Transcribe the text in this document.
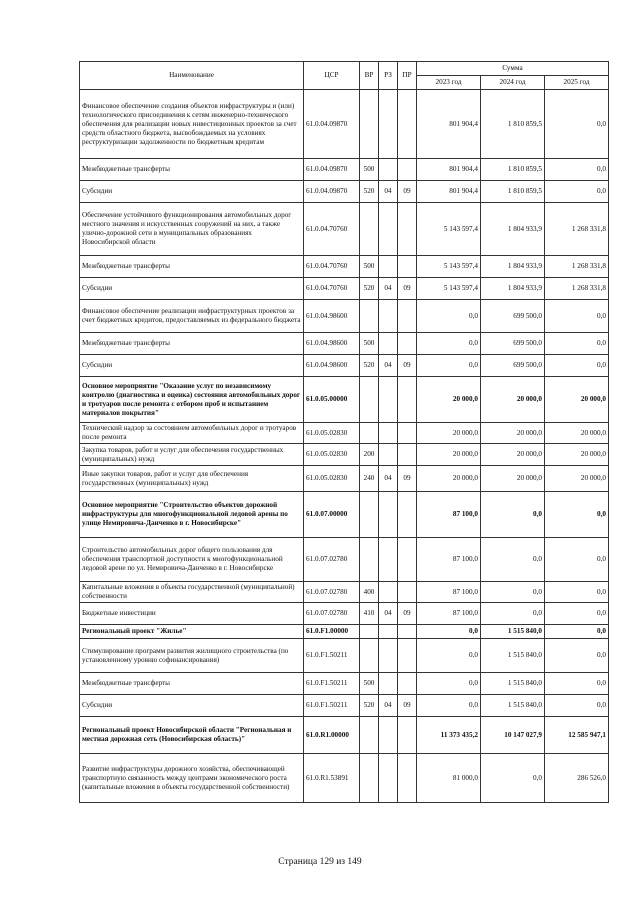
Наименование	ЦСР	ВР	РЗ	ПР	Сумма		
					2023 год	2024 год	2025 год
Финансовое обеспечение создания объектов инфраструктуры и (или) технологического присоединения к сетям инженерно-технического обеспечения для реализации новых инвестиционных проектов за счет средств областного бюджета, высвобождаемых на условиях реструктуризации задолженности по бюджетным кредитам	61.0.04.09870				801 904,4	1 810 859,5	0,0
Межбюджетные трансферты	61.0.04.09870	500			801 904,4	1 810 859,5	0,0
Субсидии	61.0.04.09870	520	04	09	801 904,4	1 810 859,5	0,0
Обеспечение устойчивого функционирования автомобильных дорог местного значения и искусственных сооружений на них, а также улично-дорожной сети в муниципальных образованиях Новосибирской области	61.0.04.70760				5 143 597,4	1 804 933,9	1 268 331,8
Межбюджетные трансферты	61.0.04.70760	500			5 143 597,4	1 804 933,9	1 268 331,8
Субсидии	61.0.04.70760	520	04	09	5 143 597,4	1 804 933,9	1 268 331,8
Финансовое обеспечение реализации инфраструктурных проектов за счет бюджетных кредитов, предоставляемых из федерального бюджета	61.0.04.98600				0,0	699 500,0	0,0
Межбюджетные трансферты	61.0.04.98600	500			0,0	699 500,0	0,0
Субсидии	61.0.04.98600	520	04	09	0,0	699 500,0	0,0
Основное мероприятие "Оказание услуг по независимому контролю (диагностика и оценка) состояния автомобильных дорог и тротуаров после ремонта с отбором проб и испытанием материалов покрытия"	61.0.05.00000				20 000,0	20 000,0	20 000,0
Технический надзор за состоянием автомобильных дорог и тротуаров после ремонта	61.0.05.02830				20 000,0	20 000,0	20 000,0
Закупка товаров, работ и услуг для обеспечения государственных (муниципальных) нужд	61.0.05.02830	200			20 000,0	20 000,0	20 000,0
Иные закупки товаров, работ и услуг для обеспечения государственных (муниципальных) нужд	61.0.05.02830	240	04	09	20 000,0	20 000,0	20 000,0
Основное мероприятие "Строительство объектов дорожной инфраструктуры для многофункциональной ледовой арены по улице Немировича-Данченко в г. Новосибирске"	61.0.07.00000				87 100,0	0,0	0,0
Строительство автомобильных дорог общего пользования для обеспечения транспортной доступности к многофункциональной ледовой арене по ул. Немировича-Данченко в г. Новосибирске	61.0.07.02780				87 100,0	0,0	0,0
Капитальные вложения в объекты государственной (муниципальной) собственности	61.0.07.02780	400			87 100,0	0,0	0,0
Бюджетные инвестиции	61.0.07.02780	410	04	09	87 100,0	0,0	0,0
Региональный проект "Жилье"	61.0.F1.00000				0,0	1 515 840,0	0,0
Стимулирование программ развития жилищного строительства (по установленному уровню софинансирования)	61.0.F1.50211				0,0	1 515 840,0	0,0
Межбюджетные трансферты	61.0.F1.50211	500			0,0	1 515 840,0	0,0
Субсидии	61.0.F1.50211	520	04	09	0,0	1 515 840,0	0,0
Региональный проект Новосибирской области "Региональная и местная дорожная сеть (Новосибирская область)"	61.0.R1.00000				11 373 435,2	10 147 027,9	12 585 947,1
Развитие инфраструктуры дорожного хозяйства, обеспечивающей транспортную связанность между центрами экономического роста (капитальные вложения в объекты государственной собственности)	61.0.R1.53891				81 000,0	0,0	286 526,0
Страница 129 из 149
